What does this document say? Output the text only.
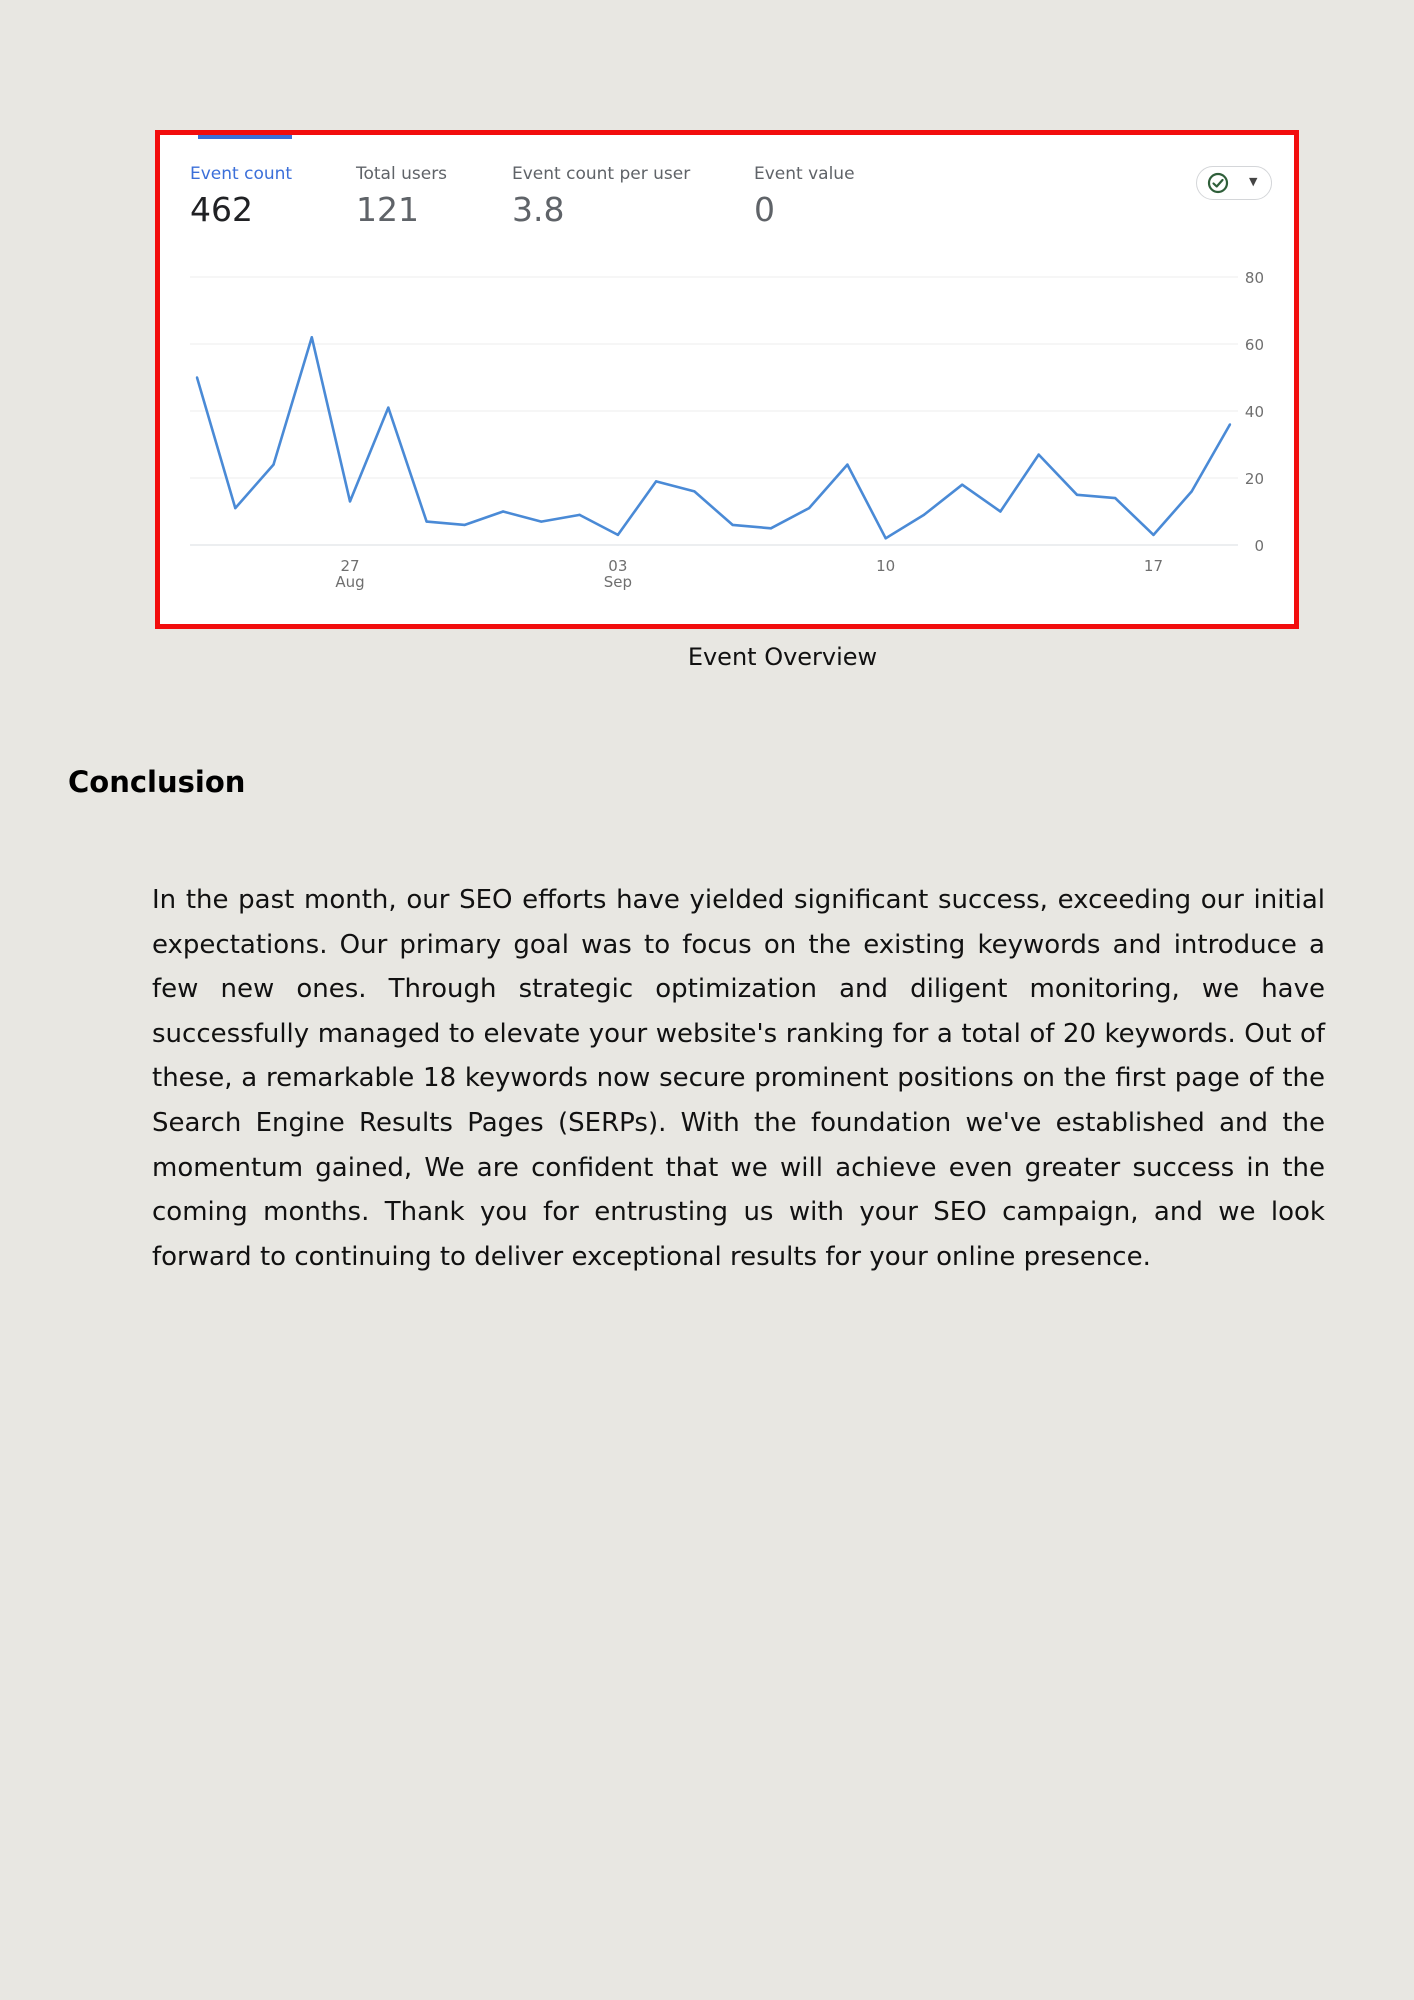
Event count
462
Total users
121
Event count per user
3.8
Event value
0
▼
0
20
40
60
80
27
Aug
03
Sep
10	17
Event Overview
Conclusion

In the past month, our SEO efforts have yielded significant success, exceeding our initial expectations. Our primary goal was to focus on the existing keywords and introduce a few new ones. Through strategic optimization and diligent monitoring, we have successfully managed to elevate your website's ranking for a total of 20 keywords. Out of these, a remarkable 18 keywords now secure prominent positions on the first page of the Search Engine Results Pages (SERPs). With the foundation we've established and the momentum gained, We are confident that we will achieve even greater success in the coming months. Thank you for entrusting us with your SEO campaign, and we look forward to continuing to deliver exceptional results for your online presence.
